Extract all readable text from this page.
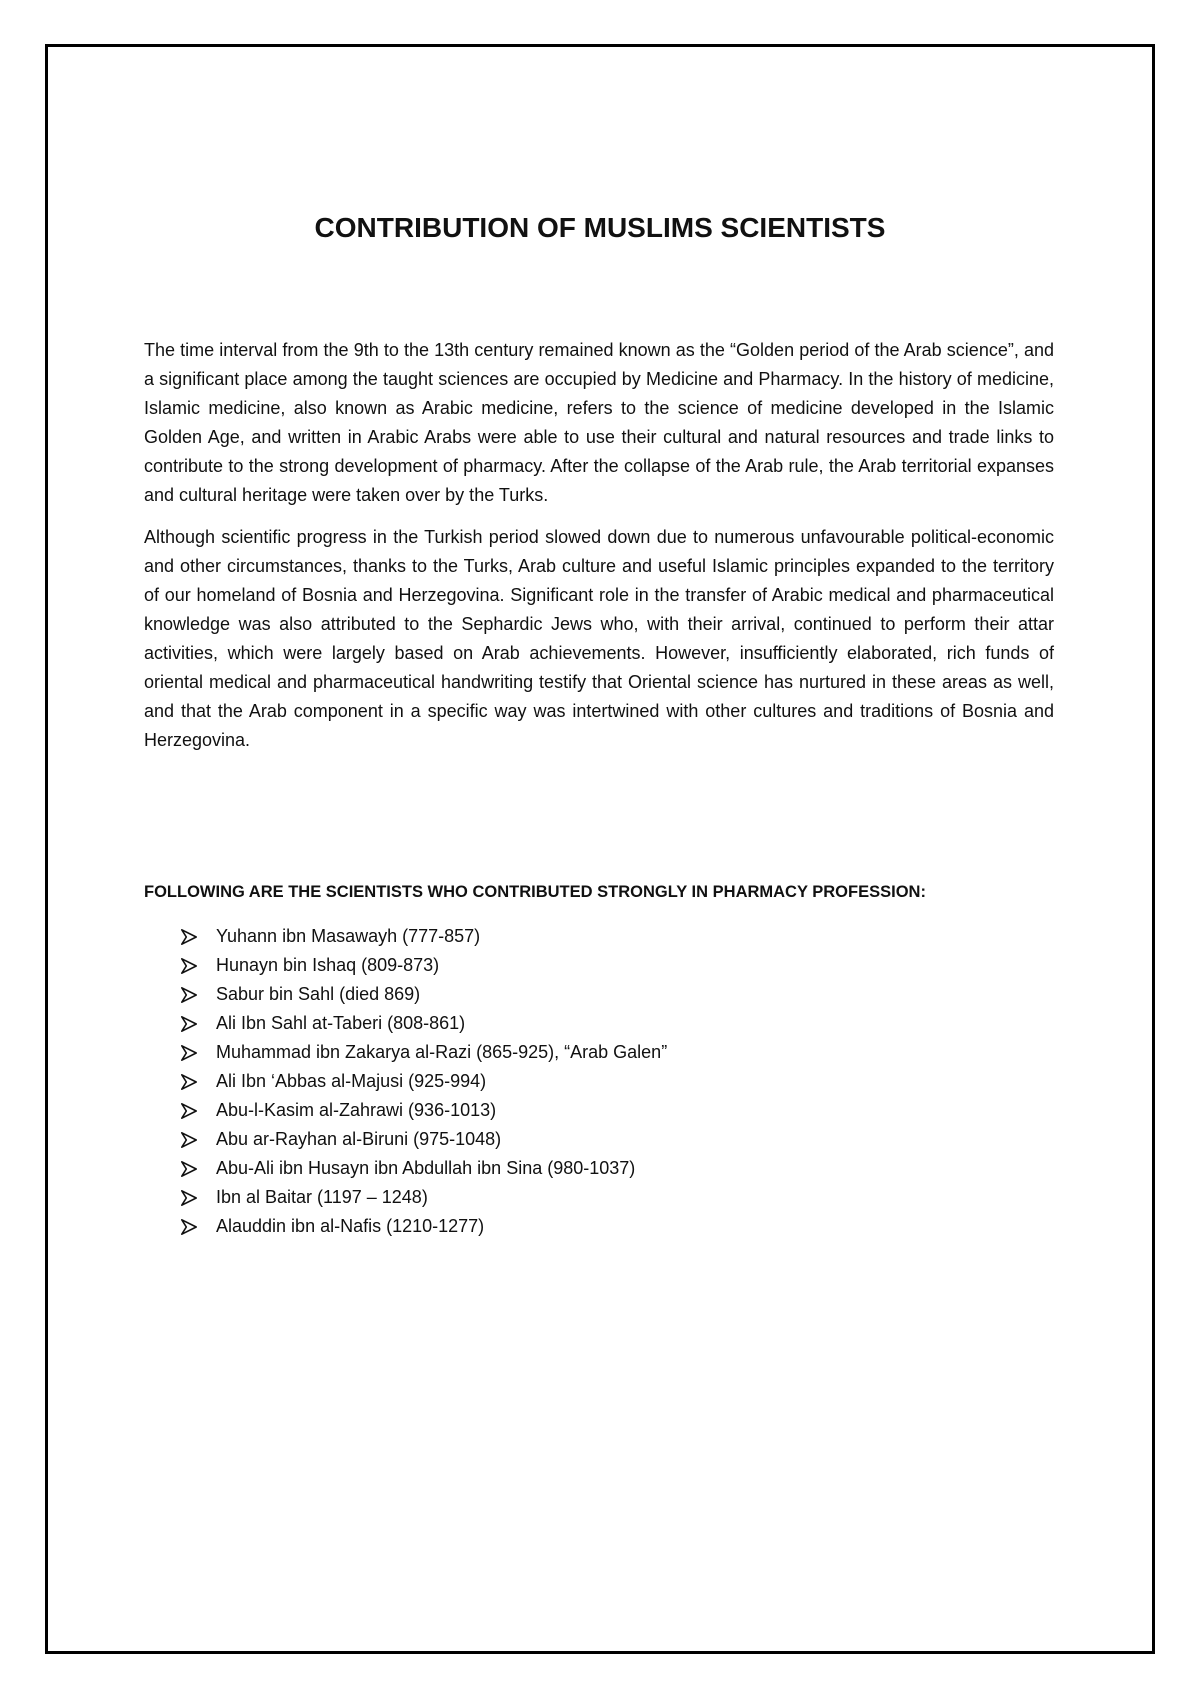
CONTRIBUTION OF MUSLIMS SCIENTISTS

The time interval from the 9th to the 13th century remained known as the “Golden period of the Arab science”, and a significant place among the taught sciences are occupied by Medicine and Pharmacy. In the history of medicine, Islamic medicine, also known as Arabic medicine, refers to the science of medicine developed in the Islamic Golden Age, and written in Arabic Arabs were able to use their cultural and natural resources and trade links to contribute to the strong development of pharmacy. After the collapse of the Arab rule, the Arab territorial expanses and cultural heritage were taken over by the Turks.

Although scientific progress in the Turkish period slowed down due to numerous unfavourable political-economic and other circumstances, thanks to the Turks, Arab culture and useful Islamic principles expanded to the territory of our homeland of Bosnia and Herzegovina. Significant role in the transfer of Arabic medical and pharmaceutical knowledge was also attributed to the Sephardic Jews who, with their arrival, continued to perform their attar activities, which were largely based on Arab achievements. However, insufficiently elaborated, rich funds of oriental medical and pharmaceutical handwriting testify that Oriental science has nurtured in these areas as well, and that the Arab component in a specific way was intertwined with other cultures and traditions of Bosnia and Herzegovina.

FOLLOWING ARE THE SCIENTISTS WHO CONTRIBUTED STRONGLY IN PHARMACY PROFESSION:

Yuhann ibn Masawayh (777-857)
Hunayn bin Ishaq (809-873)
Sabur bin Sahl (died 869)
Ali Ibn Sahl at-Taberi (808-861)
Muhammad ibn Zakarya al-Razi (865-925), “Arab Galen”
Ali Ibn ‘Abbas al-Majusi (925-994)
Abu-l-Kasim al-Zahrawi (936-1013)
Abu ar-Rayhan al-Biruni (975-1048)
Abu-Ali ibn Husayn ibn Abdullah ibn Sina (980-1037)
Ibn al Baitar (1197 – 1248)
Alauddin ibn al-Nafis (1210-1277)
